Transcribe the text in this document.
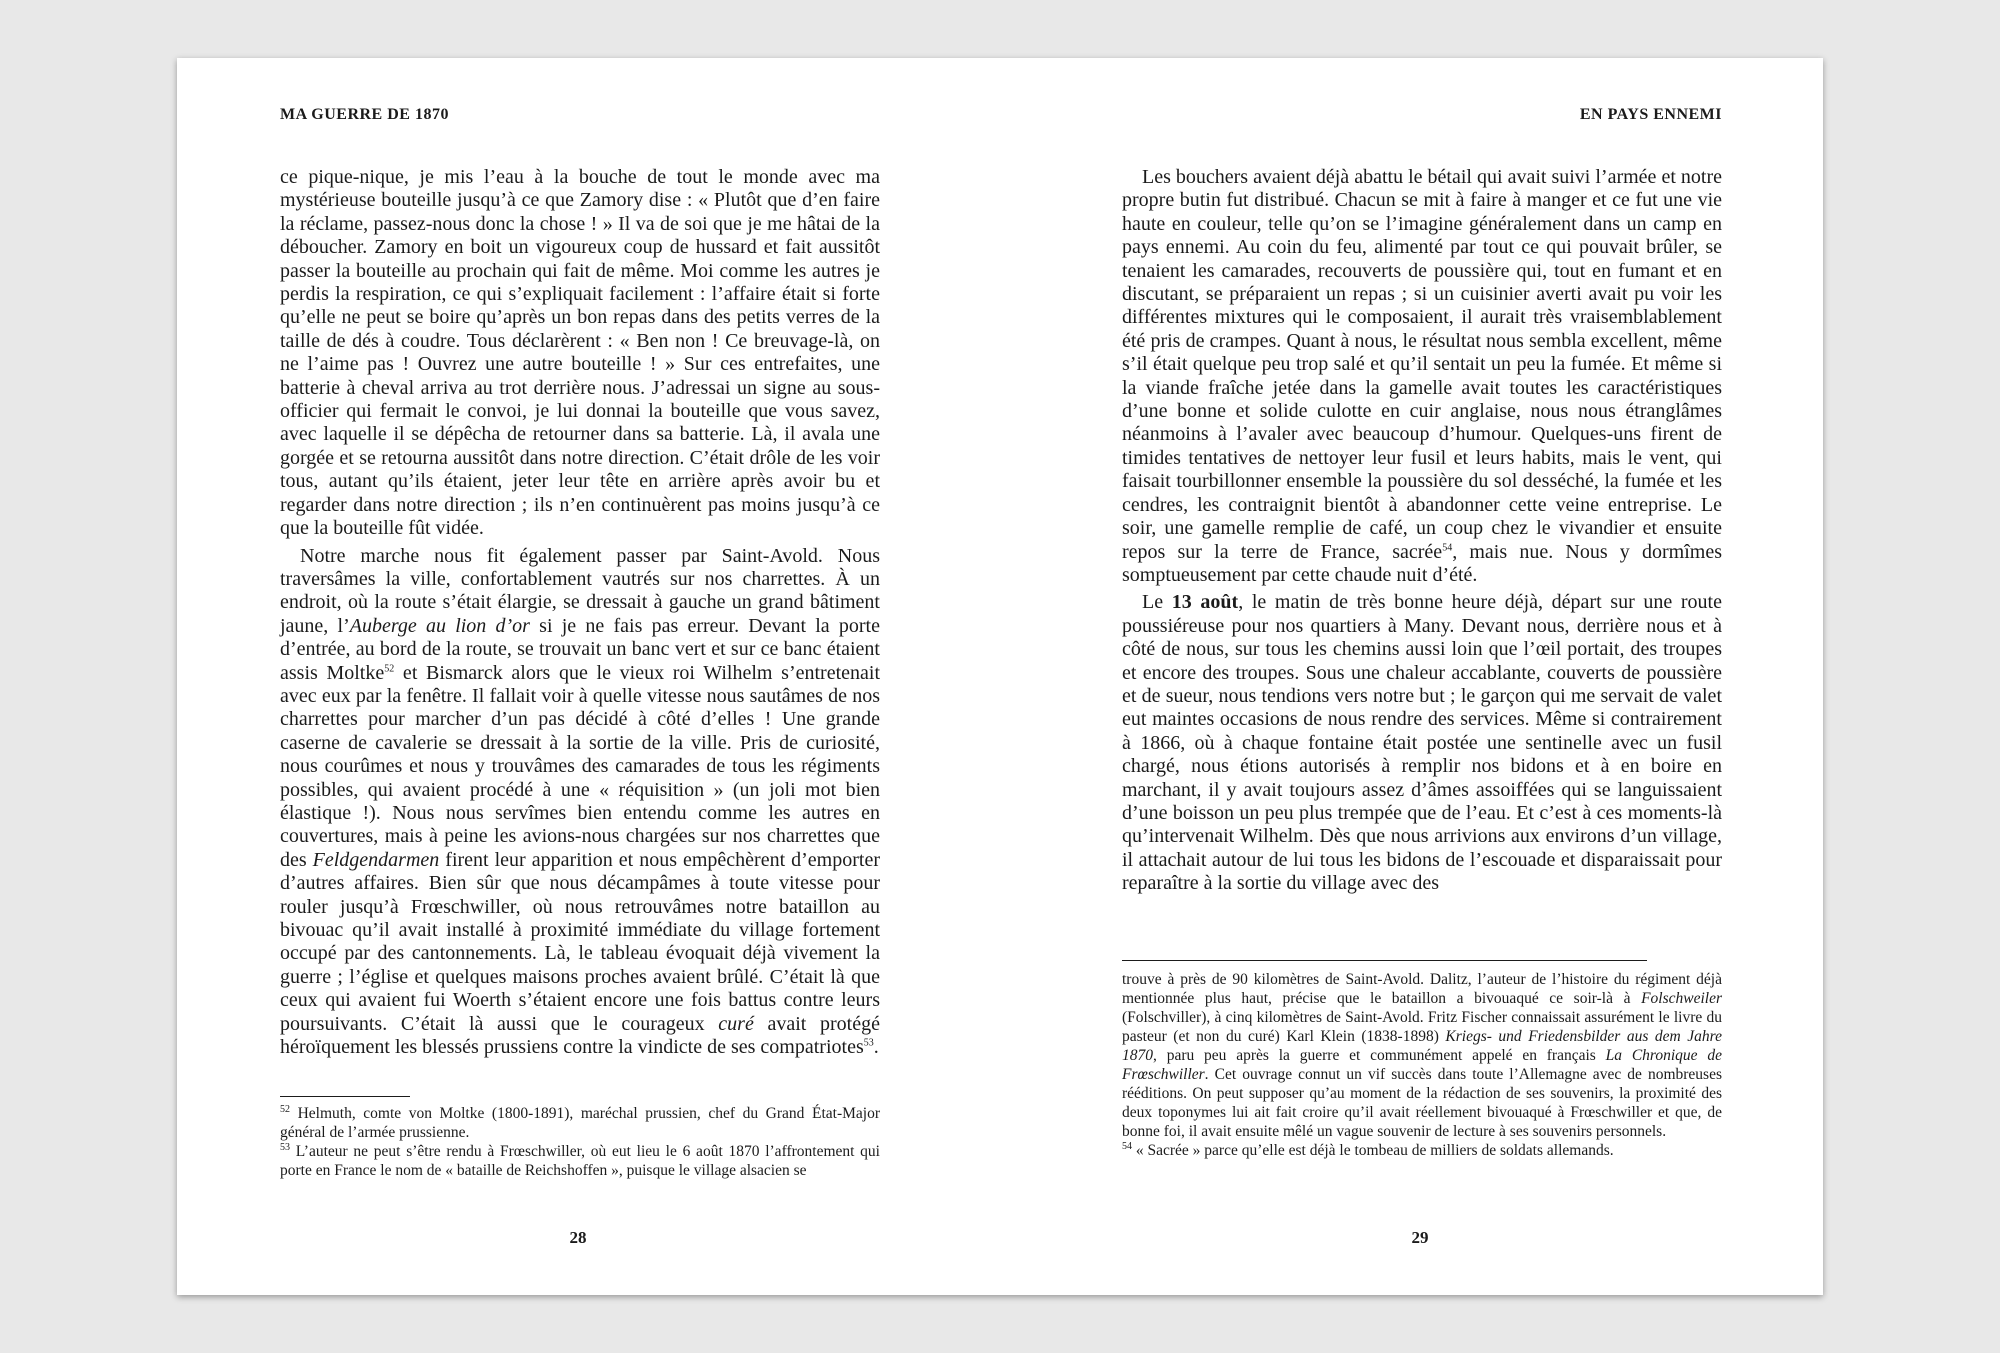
MA GUERRE DE 1870

ce pique-nique, je mis l’eau à la bouche de tout le monde avec ma mystérieuse bouteille jusqu’à ce que Zamory dise : « Plutôt que d’en faire la réclame, passez-nous donc la chose ! » Il va de soi que je me hâtai de la déboucher. Zamory en boit un vigoureux coup de hussard et fait aussitôt passer la bouteille au prochain qui fait de même. Moi comme les autres je perdis la respiration, ce qui s’expliquait facilement : l’affaire était si forte qu’elle ne peut se boire qu’après un bon repas dans des petits verres de la taille de dés à coudre. Tous déclarèrent : « Ben non ! Ce breuvage-là, on ne l’aime pas ! Ouvrez une autre bouteille ! » Sur ces entrefaites, une batterie à cheval arriva au trot derrière nous. J’adressai un signe au sous-officier qui fermait le convoi, je lui donnai la bouteille que vous savez, avec laquelle il se dépêcha de retourner dans sa batterie. Là, il avala une gorgée et se retourna aussitôt dans notre direction. C’était drôle de les voir tous, autant qu’ils étaient, jeter leur tête en arrière après avoir bu et regarder dans notre direction ; ils n’en continuèrent pas moins jusqu’à ce que la bouteille fût vidée.

Notre marche nous fit également passer par Saint-Avold. Nous traversâmes la ville, confortablement vautrés sur nos charrettes. À un endroit, où la route s’était élargie, se dressait à gauche un grand bâtiment jaune, l’Auberge au lion d’or si je ne fais pas erreur. Devant la porte d’entrée, au bord de la route, se trouvait un banc vert et sur ce banc étaient assis Moltke$^{52}$ et Bismarck alors que le vieux roi Wilhelm s’entretenait avec eux par la fenêtre. Il fallait voir à quelle vitesse nous sautâmes de nos charrettes pour marcher d’un pas décidé à côté d’elles ! Une grande caserne de cavalerie se dressait à la sortie de la ville. Pris de curiosité, nous courûmes et nous y trouvâmes des camarades de tous les régiments possibles, qui avaient procédé à une « réquisition » (un joli mot bien élastique !). Nous nous servîmes bien entendu comme les autres en couvertures, mais à peine les avions-nous chargées sur nos charrettes que des Feldgendarmen firent leur apparition et nous empêchèrent d’emporter d’autres affaires. Bien sûr que nous décampâmes à toute vitesse pour rouler jusqu’à Frœschwiller, où nous retrouvâmes notre bataillon au bivouac qu’il avait installé à proximité immédiate du village fortement occupé par des cantonnements. Là, le tableau évoquait déjà vivement la guerre ; l’église et quelques maisons proches avaient brûlé. C’était là que ceux qui avaient fui Woerth s’étaient encore une fois battus contre leurs poursuivants. C’était là aussi que le courageux curé avait protégé héroïquement les blessés prussiens contre la vindicte de ses compatriotes$^{53}$.

$^{52}$ Helmuth, comte von Moltke (1800-1891), maréchal prussien, chef du Grand État-Major général de l’armée prussienne.

$^{53}$ L’auteur ne peut s’être rendu à Frœschwiller, où eut lieu le 6 août 1870 l’affrontement qui porte en France le nom de « bataille de Reichshoffen », puisque le village alsacien se

28
EN PAYS ENNEMI

Les bouchers avaient déjà abattu le bétail qui avait suivi l’armée et notre propre butin fut distribué. Chacun se mit à faire à manger et ce fut une vie haute en couleur, telle qu’on se l’imagine généralement dans un camp en pays ennemi. Au coin du feu, alimenté par tout ce qui pouvait brûler, se tenaient les camarades, recouverts de poussière qui, tout en fumant et en discutant, se préparaient un repas ; si un cuisinier averti avait pu voir les différentes mixtures qui le composaient, il aurait très vraisemblablement été pris de crampes. Quant à nous, le résultat nous sembla excellent, même s’il était quelque peu trop salé et qu’il sentait un peu la fumée. Et même si la viande fraîche jetée dans la gamelle avait toutes les caractéristiques d’une bonne et solide culotte en cuir anglaise, nous nous étranglâmes néanmoins à l’avaler avec beaucoup d’humour. Quelques-uns firent de timides tentatives de nettoyer leur fusil et leurs habits, mais le vent, qui faisait tourbillonner ensemble la poussière du sol desséché, la fumée et les cendres, les contraignit bientôt à abandonner cette veine entreprise. Le soir, une gamelle remplie de café, un coup chez le vivandier et ensuite repos sur la terre de France, sacrée$^{54}$, mais nue. Nous y dormîmes somptueusement par cette chaude nuit d’été.

Le 13 août, le matin de très bonne heure déjà, départ sur une route poussiéreuse pour nos quartiers à Many. Devant nous, derrière nous et à côté de nous, sur tous les chemins aussi loin que l’œil portait, des troupes et encore des troupes. Sous une chaleur accablante, couverts de poussière et de sueur, nous tendions vers notre but ; le garçon qui me servait de valet eut maintes occasions de nous rendre des services. Même si contrairement à 1866, où à chaque fontaine était postée une sentinelle avec un fusil chargé, nous étions autorisés à remplir nos bidons et à en boire en marchant, il y avait toujours assez d’âmes assoiffées qui se languissaient d’une boisson un peu plus trempée que de l’eau. Et c’est à ces moments-là qu’intervenait Wilhelm. Dès que nous arrivions aux environs d’un village, il attachait autour de lui tous les bidons de l’escouade et disparaissait pour reparaître à la sortie du village avec des

trouve à près de 90 kilomètres de Saint-Avold. Dalitz, l’auteur de l’histoire du régiment déjà mentionnée plus haut, précise que le bataillon a bivouaqué ce soir-là à Folschweiler (Folschviller), à cinq kilomètres de Saint-Avold. Fritz Fischer connaissait assurément le livre du pasteur (et non du curé) Karl Klein (1838-1898) Kriegs- und Friedensbilder aus dem Jahre 1870, paru peu après la guerre et communément appelé en français La Chronique de Frœschwiller. Cet ouvrage connut un vif succès dans toute l’Allemagne avec de nombreuses rééditions. On peut supposer qu’au moment de la rédaction de ses souvenirs, la proximité des deux toponymes lui ait fait croire qu’il avait réellement bivouaqué à Frœschwiller et que, de bonne foi, il avait ensuite mêlé un vague souvenir de lecture à ses souvenirs personnels.

$^{54}$ « Sacrée » parce qu’elle est déjà le tombeau de milliers de soldats allemands.

29
